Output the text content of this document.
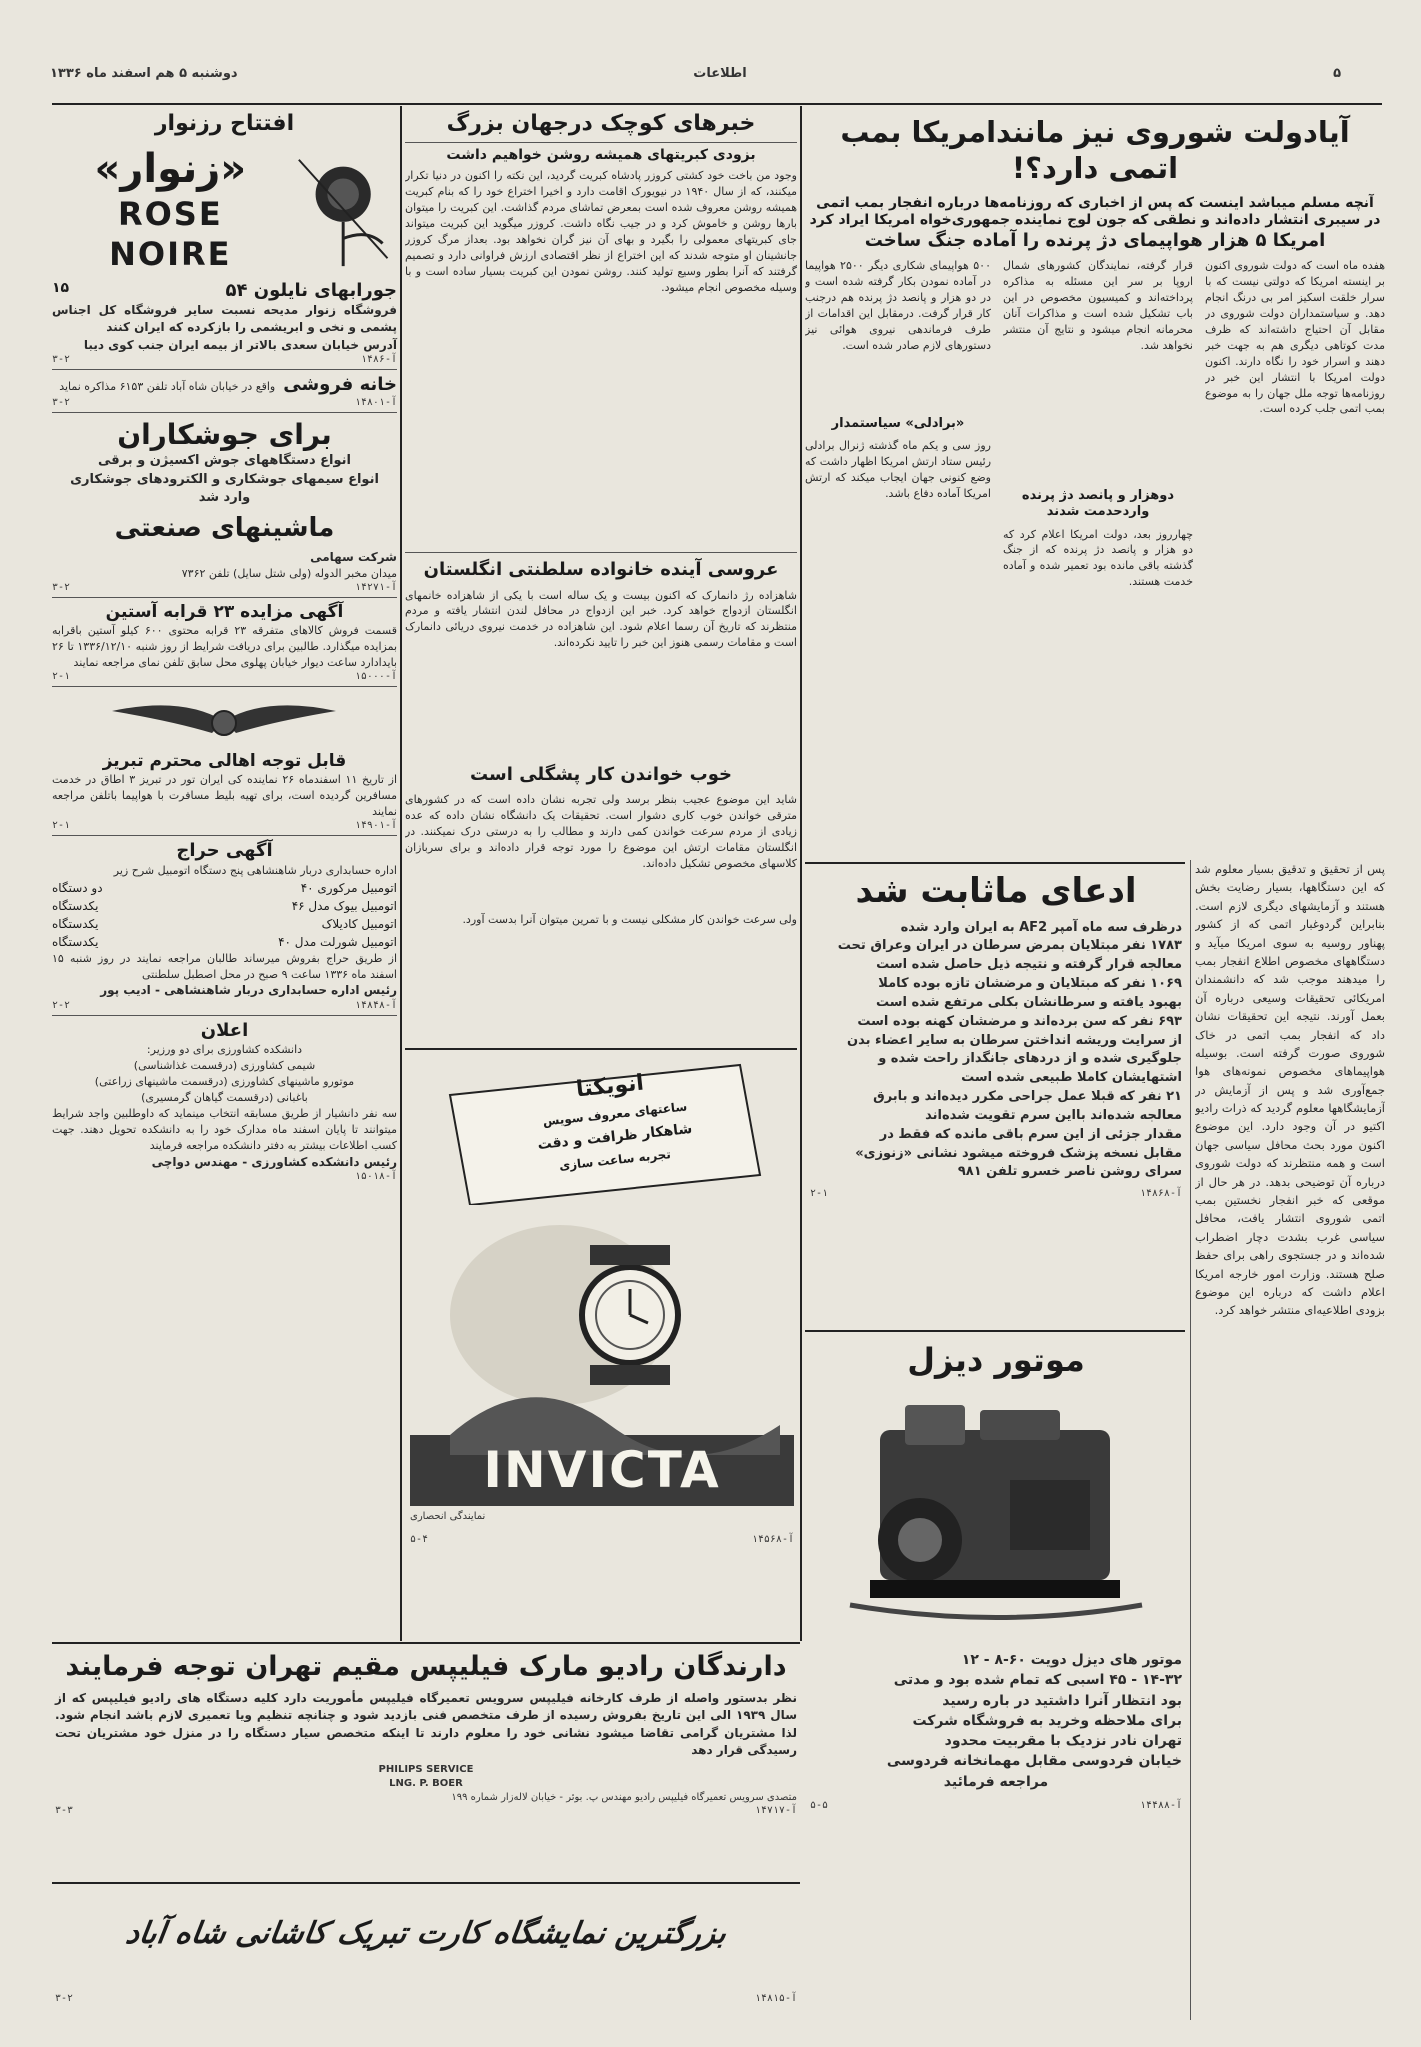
دوشنبه ۵ هم اسفند ماه ۱۳۳۶	اطلاعات	۵
آیادولت شوروی نیز مانندامریکا بمب اتمی دارد؟!
آنچه مسلم میباشد اینست که پس از اخباری که روزنامه‌ها درباره انفجار بمب اتمی
در سیبری انتشار داده‌اند و نطقی که جون لوج نماینده جمهوری‌خواه امریکا ایراد کرد
امریکا ۵ هزار هواپیمای دژ پرنده را آماده جنگ ساخت
هفده ماه است که دولت شوروی اکنون بر اینسته امریکا که دولتی نیست که با سرار خلقت اسکیز امر بی درنگ انجام دهد. و سیاستمداران دولت شوروی در مقابل آن احتیاج داشته‌اند که ظرف مدت کوتاهی دیگری هم به جهت خبر دهند و اسرار خود را نگاه دارند. اکنون دولت امریکا با انتشار این خبر در روزنامه‌ها توجه ملل جهان را به موضوع بمب اتمی جلب کرده است.
قرار گرفته، نمایندگان کشورهای شمال اروپا بر سر این مسئله به مذاکره پرداخته‌اند و کمیسیون مخصوص در این باب تشکیل شده است و مذاکرات آنان محرمانه انجام میشود و نتایج آن منتشر نخواهد شد.
دوهزار و پانصد دژ پرنده واردحدمت شدند
چهارروز بعد، دولت امریکا اعلام کرد که دو هزار و پانصد دژ پرنده که از جنگ گذشته باقی مانده بود تعمیر شده و آماده خدمت هستند.
۵۰۰ هواپیمای شکاری دیگر ۲۵۰۰ هواپیما در آماده نمودن بکار گرفته شده است و در دو هزار و پانصد دژ پرنده هم درجنب کار قرار گرفت. درمقابل این اقدامات از طرف فرماندهی نیروی هوائی نیز دستورهای لازم صادر شده است.
«برادلی» سیاستمدار
روز سی و یکم ماه گذشته ژنرال برادلی رئیس ستاد ارتش امریکا اظهار داشت که وضع کنونی جهان ایجاب میکند که ارتش امریکا آماده دفاع باشد.
پس از تحقیق و تدقیق بسیار معلوم شد که این دستگاهها، بسیار رضایت بخش هستند و آزمایشهای دیگری لازم است. بنابراین گردوغبار اتمی که از کشور پهناور روسیه به سوی امریکا میآید و دستگاههای مخصوص اطلاع انفجار بمب را میدهند موجب شد که دانشمندان امریکائی تحقیقات وسیعی درباره آن بعمل آورند. نتیجه این تحقیقات نشان داد که انفجار بمب اتمی در خاک شوروی صورت گرفته است. بوسیله هواپیماهای مخصوص نمونه‌های هوا جمع‌آوری شد و پس از آزمایش در آزمایشگاهها معلوم گردید که ذرات رادیو اکتیو در آن وجود دارد. این موضوع اکنون مورد بحث محافل سیاسی جهان است و همه منتظرند که دولت شوروی درباره آن توضیحی بدهد. در هر حال از موقعی که خبر انفجار نخستین بمب اتمی شوروی انتشار یافت، محافل سیاسی غرب بشدت دچار اضطراب شده‌اند و در جستجوی راهی برای حفظ صلح هستند. وزارت امور خارجه امریکا اعلام داشت که درباره این موضوع بزودی اطلاعیه‌ای منتشر خواهد کرد.
ادعای ماثابت شد
درظرف سه ماه آمپر AF2 به ایران وارد شده
۱۷۸۳ نفر مبتلایان بمرض سرطان در ایران وعراق تحت
معالجه قرار گرفته و نتیجه ذیل حاصل شده است
۱۰۶۹ نفر که مبتلایان و مرضشان تازه بوده کاملا
بهبود یافته و سرطانشان بکلی مرتفع شده است
۶۹۳ نفر که سن برده‌اند و مرضشان کهنه بوده است
از سرایت وریشه انداختن سرطان به سایر اعضاء بدن
جلوگیری شده و از دردهای جانگداز راحت شده و
اشتهایشان کاملا طبیعی شده است
۲۱ نفر که قبلا عمل جراحی مکرر دیده‌اند و بابرق
معالجه شده‌اند بااین سرم تقویت شده‌اند
مقدار جزئی از این سرم باقی مانده که فقط در
مقابل نسخه پزشک فروخته میشود نشانی «زنوزی»
سرای روشن ناصر خسرو تلفن ۹۸۱
آ-۱۴۸۶۸
۲-۱
موتور دیزل
موتور های دیزل دویت ۶۰-۸ - ۱۲
۱۴-۳۲ - ۴۵ اسبی که تمام شده بود و مدتی
بود انتظار آنرا داشتید در باره رسید
برای ملاحظه وخرید به فروشگاه شرکت
تهران نادر نزدیک با مقربیت محدود
خیابان فردوسی مقابل مهمانخانه فردوسی
مراجعه فرمائید
آ-۱۴۴۸۸
۵-۵
خبرهای کوچک درجهان بزرگ
بزودی کبریتهای همیشه روشن خواهیم داشت
وجود من باخت خود کشتی کروزر پادشاه کبریت گردید، این نکته را اکنون در دنیا تکرار میکنند، که از سال ۱۹۴۰ در نیویورک اقامت دارد و اخیرا اختراع خود را که بنام کبریت همیشه روشن معروف شده است بمعرض تماشای مردم گذاشت. این کبریت را میتوان بارها روشن و خاموش کرد و در جیب نگاه داشت. کروزر میگوید این کبریت میتواند جای کبریتهای معمولی را بگیرد و بهای آن نیز گران نخواهد بود. بعداز مرگ کروزر جانشینان او متوجه شدند که این اختراع از نظر اقتصادی ارزش فراوانی دارد و تصمیم گرفتند که آنرا بطور وسیع تولید کنند. روشن نمودن این کبریت بسیار ساده است و با وسیله مخصوص انجام میشود.
عروسی آینده خانواده سلطنتی انگلستان
شاهزاده رژ دانمارک که اکنون بیست و یک ساله است با یکی از شاهزاده خانمهای انگلستان ازدواج خواهد کرد. خبر این ازدواج در محافل لندن انتشار یافته و مردم منتظرند که تاریخ آن رسما اعلام شود. این شاهزاده در خدمت نیروی دریائی دانمارک است و مقامات رسمی هنوز این خبر را تایید نکرده‌اند.
خوب خواندن کار پشگلی است
شاید این موضوع عجیب بنظر برسد ولی تجربه نشان داده است که در کشورهای مترقی خواندن خوب کاری دشوار است. تحقیقات یک دانشگاه نشان داده که عده زیادی از مردم سرعت خواندن کمی دارند و مطالب را به درستی درک نمیکنند. در انگلستان مقامات ارتش این موضوع را مورد توجه قرار داده‌اند و برای سربازان کلاسهای مخصوص تشکیل داده‌اند.
ولی سرعت خواندن کار مشکلی نیست و با تمرین میتوان آنرا بدست آورد.
انویکتا
ساعتهای معروف سویس
شاهکار ظرافت و دقت
تجربه ساعت سازی
INVICTA
نمایندگی انحصاری
آ-۱۴۵۶۸
۵-۴
افتتاح رزنوار
«زنوار»
ROSE NOIRE
جورابهای نایلون ۵۴
۱۵
فروشگاه زنوار مدیحه نسبت سایر فروشگاه کل اجناس پشمی و نخی و ابریشمی را بازکرده که ایران کنند
آدرس خیابان سعدی بالاتر از بیمه ایران جنب کوی دیبا
آ-۱۴۸۶
۳-۲
خانه فروشی
واقع در خیابان شاه آباد تلفن ۶۱۵۳ مذاکره نماید
آ-۱۴۸۰۱
۳-۲
برای جوشکاران
انواع دستگاههای جوش اکسیژن و برقی
انواع سیمهای جوشکاری و الکترودهای جوشکاری
وارد شد
ماشینهای صنعتی
شرکت سهامی
میدان مخبر الدوله (ولی شتل سایل) تلفن ۷۳۶۲
آ-۱۴۲۷۱
۳-۲
آگهی مزایده ۲۳ قرابه آستین
قسمت فروش کالاهای متفرقه ۲۳ قرابه محتوی ۶۰۰ کیلو آستین باقرابه بمزایده میگذارد. طالبین برای دریافت شرایط از روز شنبه ۱۳۳۶/۱۲/۱۰ تا ۲۶ بایدادارد ساعت دیوار خیابان پهلوی محل سابق تلفن نمای مراجعه نمایند
آ-۱۵۰۰۰
۲-۱
قابل توجه اهالی محترم تبریز
از تاریخ ۱۱ اسفندماه ۲۶ نماینده کی ایران تور در تبریز ۳ اطاق در خدمت مسافرین گردیده است، برای تهیه بلیط مسافرت با هواپیما باتلفن مراجعه نمایند
آ-۱۴۹۰۱
۲-۱
آگهی حراج
اداره حسابداری دربار شاهنشاهی پنج دستگاه اتومبیل شرح زیر
اتومبیل مرکوری ۴۰
دو دستگاه
اتومبیل بیوک مدل ۴۶
یکدستگاه
اتومبیل کادیلاک
یکدستگاه
اتومبیل شورلت مدل ۴۰
یکدستگاه
از طریق حراج بفروش میرساند طالبان مراجعه نمایند در روز شنبه ۱۵ اسفند ماه ۱۳۳۶ ساعت ۹ صبح در محل اصطبل سلطنتی
رئیس اداره حسابداری دربار شاهنشاهی - ادیب پور
آ-۱۴۸۴۸
۲-۲
اعلان
دانشکده کشاورزی برای دو ورزیر:
شیمی کشاورزی (درقسمت غذاشناسی)
موتورو ماشینهای کشاورزی (درقسمت ماشینهای زراعتی)
باغبانی (درقسمت گیاهان گرمسیری)
سه نفر دانشیار از طریق مسابقه انتخاب مینماید که داوطلبین واجد شرایط میتوانند تا پایان اسفند ماه مدارک خود را به دانشکده تحویل دهند. جهت کسب اطلاعات بیشتر به دفتر دانشکده مراجعه فرمایند
رئیس دانشکده کشاورزی - مهندس دواچی
آ-۱۵۰۱۸
دارندگان رادیو مارک فیلیپس مقیم تهران توجه فرمایند
نظر بدستور واصله از طرف کارخانه فیلیپس سرویس تعمیرگاه فیلیپس مأموریت دارد کلیه دستگاه های رادیو فیلیپس که از سال ۱۹۳۹ الی این تاریخ بفروش رسیده از طرف متخصص فنی بازدید شود و چنانچه تنظیم ویا تعمیری لازم باشد انجام شود. لذا مشتریان گرامی تقاضا میشود نشانی خود را معلوم دارند تا اینکه متخصص سیار دستگاه را در منزل خود مشتریان تحت رسیدگی قرار دهد
PHILIPS SERVICE
LNG. P. BOER
متصدی سرویس تعمیرگاه فیلیپس رادیو مهندس پ. بوئر - خیابان لاله‌زار شماره ۱۹۹
آ-۱۴۷۱۷
۳-۳
بزرگترین نمایشگاه کارت تبریک کاشانی شاه آباد
آ-۱۴۸۱۵
۳-۲
